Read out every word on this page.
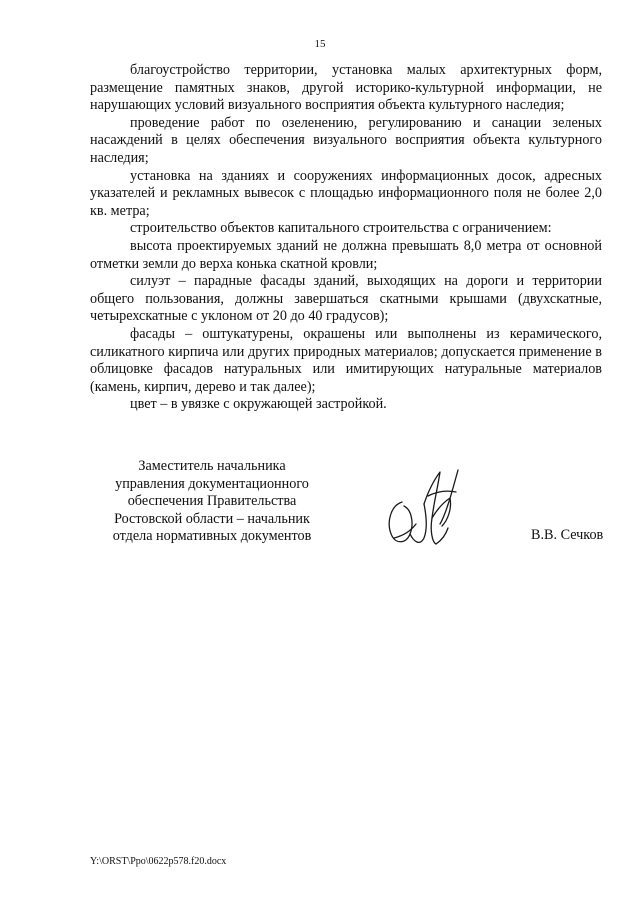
15

благоустройство территории, установка малых архитектурных форм, размещение памятных знаков, другой историко-культурной информации, не нарушающих условий визуального восприятия объекта культурного наследия;

проведение работ по озеленению, регулированию и санации зеленых насаждений в целях обеспечения визуального восприятия объекта культурного наследия;

установка на зданиях и сооружениях информационных досок, адресных указателей и рекламных вывесок с площадью информационного поля не более 2,0 кв. метра;

строительство объектов капитального строительства с ограничением:

высота проектируемых зданий не должна превышать 8,0 метра от основной отметки земли до верха конька скатной кровли;

силуэт – парадные фасады зданий, выходящих на дороги и территории общего пользования, должны завершаться скатными крышами (двухскатные, четырехскатные с уклоном от 20 до 40 градусов);

фасады – оштукатурены, окрашены или выполнены из керамического, силикатного кирпича или других природных материалов; допускается применение в облицовке фасадов натуральных или имитирующих натуральные материалов (камень, кирпич, дерево и так далее);

цвет – в увязке с окружающей застройкой.

Заместитель начальника
управления документационного
обеспечения Правительства
Ростовской области – начальник
отдела нормативных документов	В.В. Сечков
Y:\ORST\Ppo\0622p578.f20.docx
